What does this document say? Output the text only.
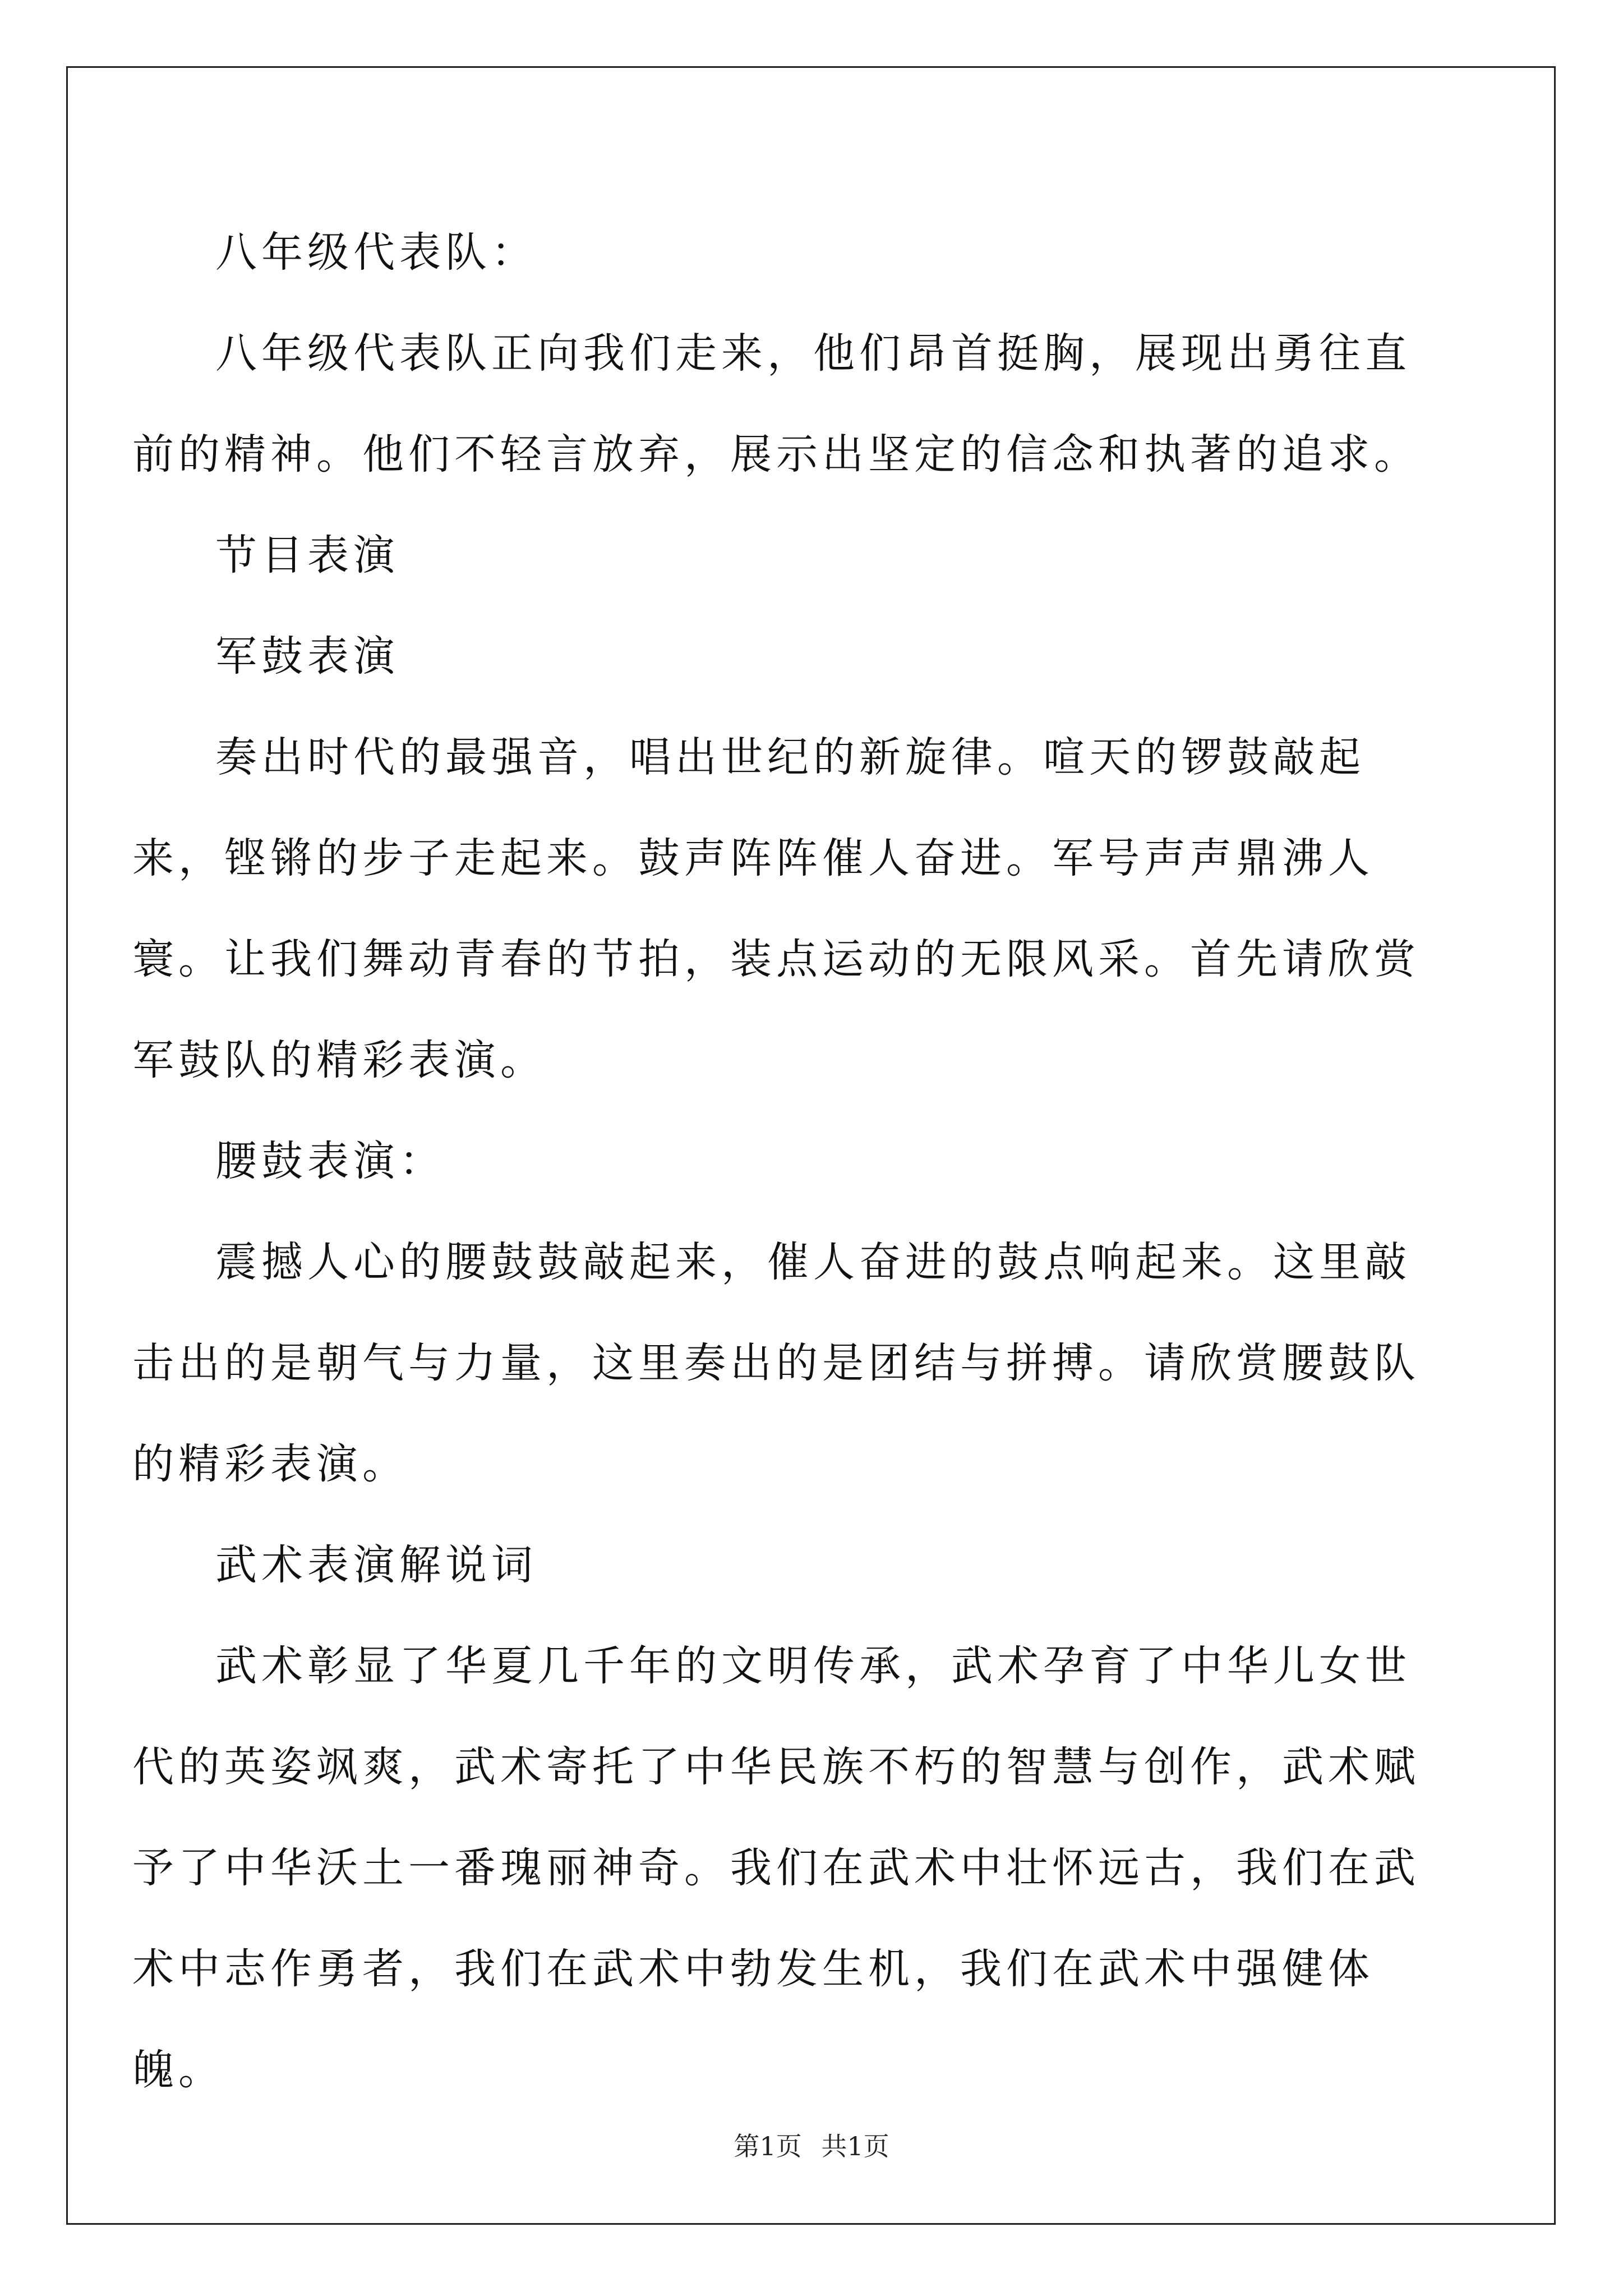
八年级代表队：

八年级代表队正向我们走来，他们昂首挺胸，展现出勇往直前的精神。他们不轻言放弃，展示出坚定的信念和执著的追求。

节目表演

军鼓表演

奏出时代的最强音，唱出世纪的新旋律。喧天的锣鼓敲起来，铿锵的步子走起来。鼓声阵阵催人奋进。军号声声鼎沸人寰。让我们舞动青春的节拍，装点运动的无限风采。首先请欣赏军鼓队的精彩表演。

腰鼓表演：

震撼人心的腰鼓鼓敲起来，催人奋进的鼓点响起来。这里敲击出的是朝气与力量，这里奏出的是团结与拼搏。请欣赏腰鼓队的精彩表演。

武术表演解说词

武术彰显了华夏几千年的文明传承，武术孕育了中华儿女世代的英姿飒爽，武术寄托了中华民族不朽的智慧与创作，武术赋予了中华沃土一番瑰丽神奇。我们在武术中壮怀远古，我们在武术中志作勇者，我们在武术中勃发生机，我们在武术中强健体魄。

第1页 共1页
